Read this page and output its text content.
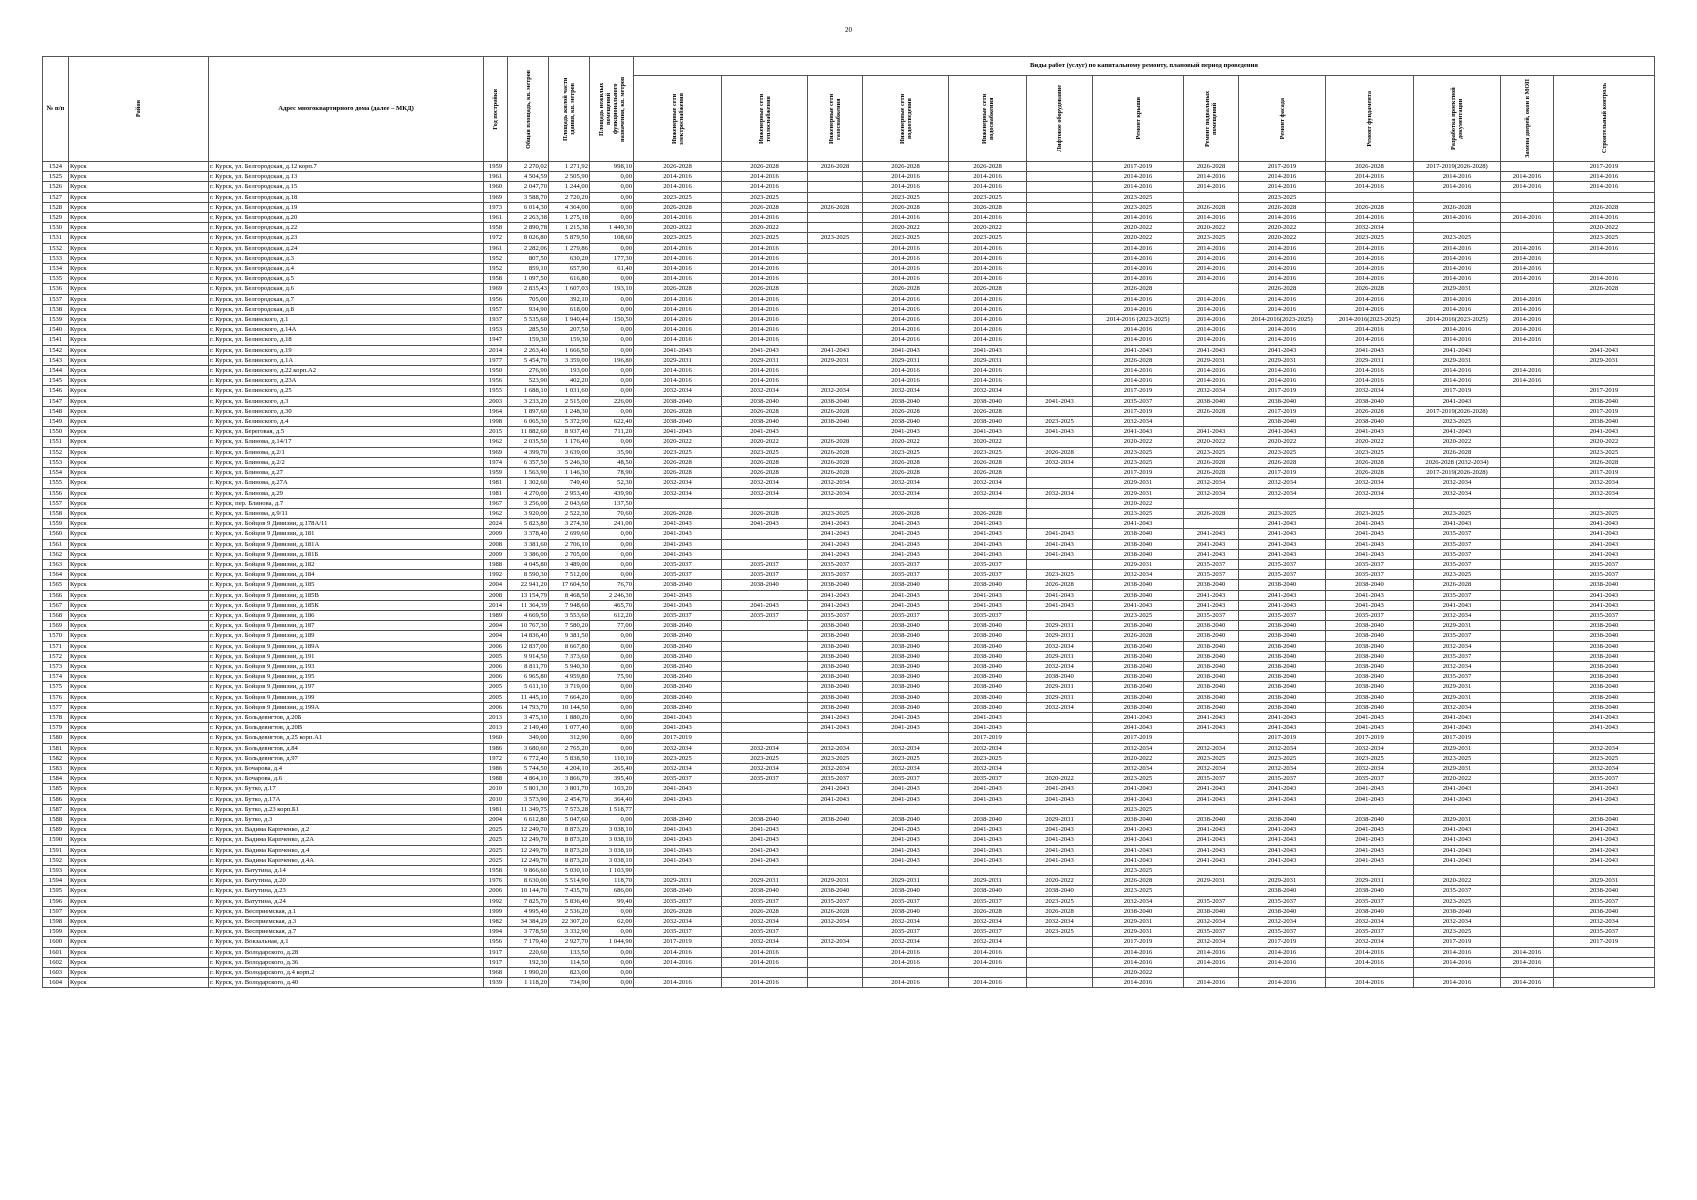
20
№ п/п	Район	Адрес многоквартирного дома (далее – МКД)	Год постройки	Общая площадь, кв. метров	Площадь жилой части здания, кв. метров	Площадь нежилых помещений функционального назначения, кв. метров	Виды работ (услуг) по капитальному ремонту, плановый период проведения												

							Инженерные сети электроснабжения	Инженерные сети теплоснабжения	Инженерные сети газоснабжения	Инженерные сети водоотведения	Инженерные сети водоснабжения	Лифтовое оборудование	Ремонт крыши	Ремонт подвальных помещений	Ремонт фасада	Ремонт фундамента	Разработка проектной документации	Замена дверей, окон в МОП	Строительный контроль

1524	Курск	г. Курск, ул. Белгородская, д.12 корп.7	1959	2 270,02	1 271,92	998,10	2026-2028	2026-2028	2026-2028	2026-2028	2026-2028		2017-2019	2026-2028	2017-2019	2026-2028	2017-2019(2026-2028)		2017-2019
1525	Курск	г. Курск, ул. Белгородская, д.13	1961	4 504,59	2 505,90	0,00	2014-2016	2014-2016		2014-2016	2014-2016		2014-2016	2014-2016	2014-2016	2014-2016	2014-2016	2014-2016	2014-2016
1526	Курск	г. Курск, ул. Белгородская, д.15	1960	2 047,70	1 244,00	0,00	2014-2016	2014-2016		2014-2016	2014-2016		2014-2016	2014-2016	2014-2016	2014-2016	2014-2016	2014-2016	2014-2016
1527	Курск	г. Курск, ул. Белгородская, д.18	1969	3 588,70	2 720,20	0,00	2023-2025	2023-2025		2023-2025	2023-2025		2023-2025		2023-2025				
1528	Курск	г. Курск, ул. Белгородская, д.19	1973	6 014,30	4 364,00	0,00	2026-2028	2026-2028	2026-2028	2026-2028	2026-2028		2023-2025	2026-2028	2026-2028	2026-2028	2026-2028		2026-2028
1529	Курск	г. Курск, ул. Белгородская, д.20	1961	2 263,38	1 275,18	0,00	2014-2016	2014-2016		2014-2016	2014-2016		2014-2016	2014-2016	2014-2016	2014-2016	2014-2016	2014-2016	2014-2016
1530	Курск	г. Курск, ул. Белгородская, д.22	1958	2 890,78	1 215,38	1 449,30	2020-2022	2020-2022		2020-2022	2020-2022		2020-2022	2020-2022	2020-2022	2032-2034			2020-2022
1531	Курск	г. Курск, ул. Белгородская, д.23	1972	8 026,80	5 879,50	108,60	2023-2025	2023-2025	2023-2025	2023-2025	2023-2025		2020-2022	2023-2025	2020-2022	2023-2025	2023-2025		2023-2025
1532	Курск	г. Курск, ул. Белгородская, д.24	1961	2 282,06	1 279,86	0,00	2014-2016	2014-2016		2014-2016	2014-2016		2014-2016	2014-2016	2014-2016	2014-2016	2014-2016	2014-2016	2014-2016
1533	Курск	г. Курск, ул. Белгородская, д.3	1952	807,50	630,20	177,30	2014-2016	2014-2016		2014-2016	2014-2016		2014-2016	2014-2016	2014-2016	2014-2016	2014-2016	2014-2016	
1534	Курск	г. Курск, ул. Белгородская, д.4	1952	859,10	657,90	61,40	2014-2016	2014-2016		2014-2016	2014-2016		2014-2016	2014-2016	2014-2016	2014-2016	2014-2016	2014-2016	
1535	Курск	г. Курск, ул. Белгородская, д.5	1958	1 097,50	616,80	0,00	2014-2016	2014-2016		2014-2016	2014-2016		2014-2016	2014-2016	2014-2016	2014-2016	2014-2016	2014-2016	2014-2016
1536	Курск	г. Курск, ул. Белгородская, д.6	1969	2 835,43	1 607,03	193,10	2026-2028	2026-2028		2026-2028	2026-2028		2026-2028		2026-2028	2026-2028	2029-2031		2026-2028
1537	Курск	г. Курск, ул. Белгородская, д.7	1956	705,00	392,10	0,00	2014-2016	2014-2016		2014-2016	2014-2016		2014-2016	2014-2016	2014-2016	2014-2016	2014-2016	2014-2016	
1538	Курск	г. Курск, ул. Белгородская, д.8	1957	934,90	618,00	0,00	2014-2016	2014-2016		2014-2016	2014-2016		2014-2016	2014-2016	2014-2016	2014-2016	2014-2016	2014-2016	
1539	Курск	г. Курск, ул. Белинского, д.1	1937	5 535,60	1 940,44	150,50	2014-2016	2014-2016		2014-2016	2014-2016		2014-2016 (2023-2025)	2014-2016	2014-2016(2023-2025)	2014-2016(2023-2025)	2014-2016(2023-2025)	2014-2016	
1540	Курск	г. Курск, ул. Белинского, д.14А	1953	285,50	207,50	0,00	2014-2016	2014-2016		2014-2016	2014-2016		2014-2016	2014-2016	2014-2016	2014-2016	2014-2016	2014-2016	
1541	Курск	г. Курск, ул. Белинского, д.18	1947	159,30	159,30	0,00	2014-2016	2014-2016		2014-2016	2014-2016		2014-2016	2014-2016	2014-2016	2014-2016	2014-2016	2014-2016	
1542	Курск	г. Курск, ул. Белинского, д.19	2014	2 263,40	1 666,50	0,00	2041-2043	2041-2043	2041-2043	2041-2043	2041-2043		2041-2043	2041-2043	2041-2043	2041-2043	2041-2043		2041-2043
1543	Курск	г. Курск, ул. Белинского, д.1А	1977	5 454,70	3 359,00	196,80	2029-2031	2029-2031	2029-2031	2029-2031	2029-2031		2026-2028	2029-2031	2029-2031	2029-2031	2029-2031		2029-2031
1544	Курск	г. Курск, ул. Белинского, д.22 корп.А2	1950	276,90	193,00	0,00	2014-2016	2014-2016		2014-2016	2014-2016		2014-2016	2014-2016	2014-2016	2014-2016	2014-2016	2014-2016	
1545	Курск	г. Курск, ул. Белинского, д.23А	1956	523,90	402,20	0,00	2014-2016	2014-2016		2014-2016	2014-2016		2014-2016	2014-2016	2014-2016	2014-2016	2014-2016	2014-2016	
1546	Курск	г. Курск, ул. Белинского, д.25	1955	1 688,10	1 031,60	0,00	2032-2034	2032-2034	2032-2034	2032-2034	2032-2034		2017-2019	2032-2034	2017-2019	2032-2034	2017-2019		2017-2019
1547	Курск	г. Курск, ул. Белинского, д.3	2003	3 233,20	2 515,00	226,00	2038-2040	2038-2040	2038-2040	2038-2040	2038-2040	2041-2043	2035-2037	2038-2040	2038-2040	2038-2040	2041-2043		2038-2040
1548	Курск	г. Курск, ул. Белинского, д.30	1964	1 897,60	1 248,30	0,00	2026-2028	2026-2028	2026-2028	2026-2028	2026-2028		2017-2019	2026-2028	2017-2019	2026-2028	2017-2019(2026-2028)		2017-2019
1549	Курск	г. Курск, ул. Белинского, д.4	1998	6 065,30	5 372,90	622,40	2038-2040	2038-2040	2038-2040	2038-2040	2038-2040	2023-2025	2032-2034		2038-2040	2038-2040	2023-2025		2038-2040
1550	Курск	г. Курск, ул. Береговая, д.5	2015	11 882,60	8 937,40	711,20	2041-2043	2041-2043		2041-2043	2041-2043	2041-2043	2041-2043	2041-2043	2041-2043	2041-2043	2041-2043		2041-2043
1551	Курск	г. Курск, ул. Блинова, д.14/17	1962	2 035,50	1 176,40	0,00	2020-2022	2020-2022	2026-2028	2020-2022	2020-2022		2020-2022	2020-2022	2020-2022	2020-2022	2020-2022		2020-2022
1552	Курск	г. Курск, ул. Блинова, д.2/1	1969	4 399,70	3 639,00	35,90	2023-2025	2023-2025	2026-2028	2023-2025	2023-2025	2026-2028	2023-2025	2023-2025	2023-2025	2023-2025	2026-2028		2023-2025
1553	Курск	г. Курск, ул. Блинова, д.2/2	1974	6 357,50	5 246,30	48,50	2026-2028	2026-2028	2026-2028	2026-2028	2026-2028	2032-2034	2023-2025	2026-2028	2026-2028	2026-2028	2026-2028 (2032-2034)		2026-2028
1554	Курск	г. Курск, ул. Блинова, д.27	1959	1 563,90	1 146,30	78,90	2026-2028	2026-2028	2026-2028	2026-2028	2026-2028		2017-2019	2026-2028	2017-2019	2026-2028	2017-2019(2026-2028)		2017-2019
1555	Курск	г. Курск, ул. Блинова, д.27А	1981	1 302,60	749,40	52,30	2032-2034	2032-2034	2032-2034	2032-2034	2032-2034		2029-2031	2032-2034	2032-2034	2032-2034	2032-2034		2032-2034
1556	Курск	г. Курск, ул. Блинова, д.29	1981	4 270,00	2 953,40	439,90	2032-2034	2032-2034	2032-2034	2032-2034	2032-2034	2032-2034	2029-2031	2032-2034	2032-2034	2032-2034	2032-2034		2032-2034
1557	Курск	г. Курск, пер. Блинова, д.7	1967	3 256,00	2 043,60	137,50							2020-2022						
1558	Курск	г. Курск, ул. Блинова, д.9/11	1962	3 920,00	2 522,30	70,60	2026-2028	2026-2028	2023-2025	2026-2028	2026-2028		2023-2025	2026-2028	2023-2025	2023-2025	2023-2025		2023-2025
1559	Курск	г. Курск, ул. Бойцов 9 Дивизии, д.178А/11	2024	5 823,80	3 274,30	241,00	2041-2043	2041-2043	2041-2043	2041-2043	2041-2043		2041-2043		2041-2043	2041-2043	2041-2043		2041-2043
1560	Курск	г. Курск, ул. Бойцов 9 Дивизии, д.181	2009	3 378,40	2 699,60	0,00	2041-2043		2041-2043	2041-2043	2041-2043	2041-2043	2038-2040	2041-2043	2041-2043	2041-2043	2035-2037		2041-2043
1561	Курск	г. Курск, ул. Бойцов 9 Дивизии, д.181А	2008	3 381,60	2 706,10	0,00	2041-2043		2041-2043	2041-2043	2041-2043	2041-2043	2038-2040	2041-2043	2041-2043	2041-2043	2035-2037		2041-2043
1562	Курск	г. Курск, ул. Бойцов 9 Дивизии, д.181Б	2009	3 386,00	2 705,00	0,00	2041-2043		2041-2043	2041-2043	2041-2043	2041-2043	2038-2040	2041-2043	2041-2043	2041-2043	2035-2037		2041-2043
1563	Курск	г. Курск, ул. Бойцов 9 Дивизии, д.182	1988	4 045,80	3 489,00	0,00	2035-2037	2035-2037	2035-2037	2035-2037	2035-2037		2029-2031	2035-2037	2035-2037	2035-2037	2035-2037		2035-2037
1564	Курск	г. Курск, ул. Бойцов 9 Дивизии, д.184	1992	8 590,30	7 512,00	0,00	2035-2037	2035-2037	2035-2037	2035-2037	2035-2037	2023-2025	2032-2034	2035-2037	2035-2037	2035-2037	2023-2025		2035-2037
1565	Курск	г. Курск, ул. Бойцов 9 Дивизии, д.185	2004	22 941,20	17 604,50	76,70	2038-2040	2038-2040	2038-2040	2038-2040	2038-2040	2026-2028	2038-2040	2038-2040	2038-2040	2038-2040	2026-2028		2038-2040
1566	Курск	г. Курск, ул. Бойцов 9 Дивизии, д.185В	2008	13 154,79	8 468,50	2 246,30	2041-2043		2041-2043	2041-2043	2041-2043	2041-2043	2038-2040	2041-2043	2041-2043	2041-2043	2035-2037		2041-2043
1567	Курск	г. Курск, ул. Бойцов 9 Дивизии, д.185К	2014	11 364,39	7 948,60	465,70	2041-2043	2041-2043	2041-2043	2041-2043	2041-2043	2041-2043	2041-2043	2041-2043	2041-2043	2041-2043	2041-2043		2041-2043
1568	Курск	г. Курск, ул. Бойцов 9 Дивизии, д.186	1989	4 669,50	3 553,60	612,20	2035-2037	2035-2037	2035-2037	2035-2037	2035-2037		2023-2025	2035-2037	2035-2037	2035-2037	2032-2034		2035-2037
1569	Курск	г. Курск, ул. Бойцов 9 Дивизии, д.187	2004	10 767,30	7 580,20	77,00	2038-2040		2038-2040	2038-2040	2038-2040	2029-2031	2038-2040	2038-2040	2038-2040	2038-2040	2029-2031		2038-2040
1570	Курск	г. Курск, ул. Бойцов 9 Дивизии, д.189	2004	14 836,40	9 381,50	0,00	2038-2040		2038-2040	2038-2040	2038-2040	2029-2031	2026-2028	2038-2040	2038-2040	2038-2040	2035-2037		2038-2040
1571	Курск	г. Курск, ул. Бойцов 9 Дивизии, д.189А	2006	12 837,00	8 667,80	0,00	2038-2040		2038-2040	2038-2040	2038-2040	2032-2034	2038-2040	2038-2040	2038-2040	2038-2040	2032-2034		2038-2040
1572	Курск	г. Курск, ул. Бойцов 9 Дивизии, д.191	2005	9 914,50	7 373,60	0,00	2038-2040		2038-2040	2038-2040	2038-2040	2029-2031	2038-2040	2038-2040	2038-2040	2038-2040	2035-2037		2038-2040
1573	Курск	г. Курск, ул. Бойцов 9 Дивизии, д.193	2006	8 811,70	5 940,30	0,00	2038-2040		2038-2040	2038-2040	2038-2040	2032-2034	2038-2040	2038-2040	2038-2040	2038-2040	2032-2034		2038-2040
1574	Курск	г. Курск, ул. Бойцов 9 Дивизии, д.195	2006	6 965,80	4 959,80	75,90	2038-2040		2038-2040	2038-2040	2038-2040	2038-2040	2038-2040	2038-2040	2038-2040	2038-2040	2035-2037		2038-2040
1575	Курск	г. Курск, ул. Бойцов 9 Дивизии, д.197	2005	5 611,10	3 719,00	0,00	2038-2040		2038-2040	2038-2040	2038-2040	2029-2031	2038-2040	2038-2040	2038-2040	2038-2040	2029-2031		2038-2040
1576	Курск	г. Курск, ул. Бойцов 9 Дивизии, д.199	2005	11 445,10	7 664,20	0,00	2038-2040		2038-2040	2038-2040	2038-2040	2029-2031	2038-2040	2038-2040	2038-2040	2038-2040	2029-2031		2038-2040
1577	Курск	г. Курск, ул. Бойцов 9 Дивизии, д.199А	2006	14 793,70	10 144,50	0,00	2038-2040		2038-2040	2038-2040	2038-2040	2032-2034	2038-2040	2038-2040	2038-2040	2038-2040	2032-2034		2038-2040
1578	Курск	г. Курск, ул. Больдевнгтов, д.20Б	2013	3 475,10	1 880,20	0,00	2041-2043		2041-2043	2041-2043	2041-2043		2041-2043	2041-2043	2041-2043	2041-2043	2041-2043		2041-2043
1579	Курск	г. Курск, ул. Больдевнгтов, д.20В	2013	2 149,40	1 077,40	0,00	2041-2043		2041-2043	2041-2043	2041-2043		2041-2043	2041-2043	2041-2043	2041-2043	2041-2043		2041-2043
1580	Курск	г. Курск, ул. Больдевнгтов, д.25 корп.А1	1960	349,00	312,90	0,00	2017-2019				2017-2019		2017-2019		2017-2019	2017-2019	2017-2019		
1581	Курск	г. Курск, ул. Больдевнгтов, д.84	1986	3 680,60	2 765,20	0,00	2032-2034	2032-2034	2032-2034	2032-2034	2032-2034		2032-2034	2032-2034	2032-2034	2032-2034	2029-2031		2032-2034
1582	Курск	г. Курск, ул. Больдевнгтов, д.97	1972	6 772,40	5 838,50	110,10	2023-2025	2023-2025	2023-2025	2023-2025	2023-2025		2020-2022	2023-2025	2023-2025	2023-2025	2023-2025		2023-2025
1583	Курск	г. Курск, ул. Бочарова, д.4	1986	5 744,50	4 204,10	265,40	2032-2034	2032-2034	2032-2034	2032-2034	2032-2034		2032-2034	2032-2034	2032-2034	2032-2034	2029-2031		2032-2034
1584	Курск	г. Курск, ул. Бочарова, д.6	1988	4 864,10	3 866,70	395,40	2035-2037	2035-2037	2035-2037	2035-2037	2035-2037	2020-2022	2023-2025	2035-2037	2035-2037	2035-2037	2020-2022		2035-2037
1585	Курск	г. Курск, ул. Бутко, д.17	2010	5 801,30	3 801,70	103,20	2041-2043		2041-2043	2041-2043	2041-2043	2041-2043	2041-2043	2041-2043	2041-2043	2041-2043	2041-2043		2041-2043
1586	Курск	г. Курск, ул. Бутко, д.17А	2010	3 573,90	2 454,70	364,40	2041-2043		2041-2043	2041-2043	2041-2043	2041-2043	2041-2043	2041-2043	2041-2043	2041-2043	2041-2043		2041-2043
1587	Курск	г. Курск, ул. Бутко, д.23 корп.Б1	1981	11 349,75	7 573,28	1 518,77							2023-2025						
1588	Курск	г. Курск, ул. Бутко, д.3	2004	6 612,80	5 047,60	0,00	2038-2040	2038-2040	2038-2040	2038-2040	2038-2040	2029-2031	2038-2040	2038-2040	2038-2040	2038-2040	2029-2031		2038-2040
1589	Курск	г. Курск, ул. Вадима Карпченко, д.2	2025	12 249,70	8 873,20	3 038,10	2041-2043	2041-2043		2041-2043	2041-2043	2041-2043	2041-2043	2041-2043	2041-2043	2041-2043	2041-2043		2041-2043
1590	Курск	г. Курск, ул. Вадима Карпченко, д.2А	2025	12 249,70	8 873,20	3 038,10	2041-2043	2041-2043		2041-2043	2041-2043	2041-2043	2041-2043	2041-2043	2041-2043	2041-2043	2041-2043		2041-2043
1591	Курск	г. Курск, ул. Вадима Карпченко, д.4	2025	12 249,70	8 873,20	3 038,10	2041-2043	2041-2043		2041-2043	2041-2043	2041-2043	2041-2043	2041-2043	2041-2043	2041-2043	2041-2043		2041-2043
1592	Курск	г. Курск, ул. Вадима Карпченко, д.4А	2025	12 249,70	8 873,20	3 038,10	2041-2043	2041-2043		2041-2043	2041-2043	2041-2043	2041-2043	2041-2043	2041-2043	2041-2043	2041-2043		2041-2043
1593	Курск	г. Курск, ул. Ватутина, д.14	1958	9 866,60	5 030,10	1 103,90							2023-2025						
1594	Курск	г. Курск, ул. Ватутина, д.20	1976	8 630,00	5 514,90	118,70	2029-2031	2029-2031	2029-2031	2029-2031	2029-2031	2020-2022	2026-2028	2029-2031	2029-2031	2029-2031	2020-2022		2029-2031
1595	Курск	г. Курск, ул. Ватутина, д.23	2006	10 144,70	7 435,70	686,00	2038-2040	2038-2040	2038-2040	2038-2040	2038-2040	2038-2040	2023-2025		2038-2040	2038-2040	2035-2037		2038-2040
1596	Курск	г. Курск, ул. Ватутина, д.24	1992	7 825,70	5 836,40	99,40	2035-2037	2035-2037	2035-2037	2035-2037	2035-2037	2023-2025	2032-2034	2035-2037	2035-2037	2035-2037	2023-2025		2035-2037
1597	Курск	г. Курск, ул. Весприемская, д.1	1999	4 995,40	2 536,20	0,00	2026-2028	2026-2028	2026-2028	2038-2040	2026-2028	2026-2028	2038-2040	2038-2040	2038-2040	2038-2040	2038-2040		2038-2040
1598	Курск	г. Курск, ул. Весприемская, д.3	1982	34 384,29	22 307,20	62,00	2032-2034	2032-2034	2032-2034	2032-2034	2032-2034	2032-2034	2029-2031	2032-2034	2032-2034	2032-2034	2032-2034		2032-2034
1599	Курск	г. Курск, ул. Весприемская, д.7	1994	3 778,50	3 332,90	0,00	2035-2037	2035-2037		2035-2037	2035-2037	2023-2025	2029-2031	2035-2037	2035-2037	2035-2037	2023-2025		2035-2037
1600	Курск	г. Курск, ул. Вокзальная, д.1	1956	7 179,40	2 927,70	1 044,90	2017-2019	2032-2034	2032-2034	2032-2034	2032-2034		2017-2019	2032-2034	2017-2019	2032-2034	2017-2019		2017-2019
1601	Курск	г. Курск, ул. Володарского, д.28	1917	220,60	133,50	0,00	2014-2016	2014-2016		2014-2016	2014-2016		2014-2016	2014-2016	2014-2016	2014-2016	2014-2016	2014-2016	
1602	Курск	г. Курск, ул. Володарского, д.36	1917	192,30	114,50	0,00	2014-2016	2014-2016		2014-2016	2014-2016		2014-2016	2014-2016	2014-2016	2014-2016	2014-2016	2014-2016	
1603	Курск	г. Курск, ул. Володарского, д.4 корп.2	1968	1 990,20	823,00	0,00							2020-2022						
1604	Курск	г. Курск, ул. Володарского, д.40	1939	1 118,20	734,90	0,00	2014-2016	2014-2016		2014-2016	2014-2016		2014-2016	2014-2016	2014-2016	2014-2016	2014-2016	2014-2016	
